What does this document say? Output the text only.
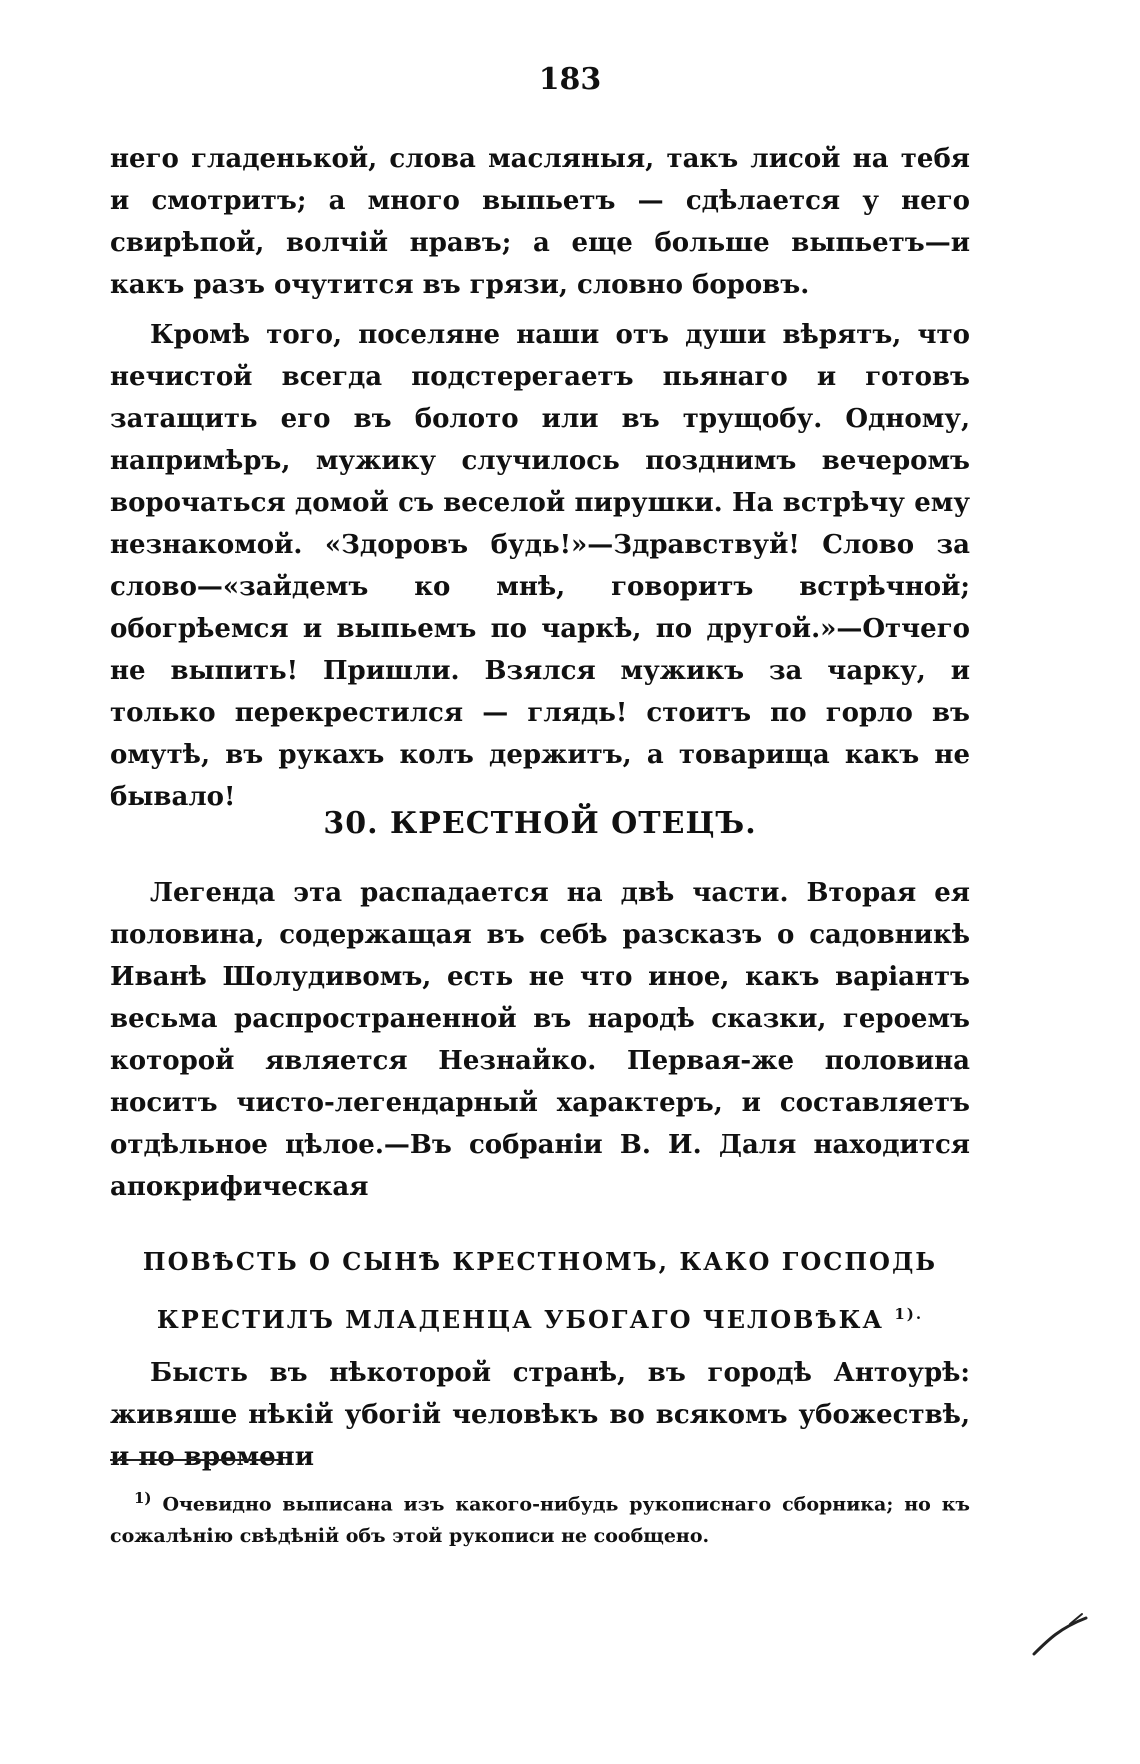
183

него гладенькой, слова масляныя, такъ лисой на тебя и смотритъ; а много выпьетъ — сдѣлается у него свирѣпой, волчій нравъ; а еще больше выпьетъ—и какъ разъ очутится въ грязи, словно боровъ.

Кромѣ того, поселяне наши отъ души вѣрятъ, что нечистой всегда подстерегаетъ пьянаго и готовъ затащить его въ болото или въ трущобу. Одному, напримѣръ, мужику случилось позднимъ вечеромъ ворочаться домой съ веселой пирушки. На встрѣчу ему незнакомой. «Здоровъ будь!»—Здравствуй! Слово за слово—«зайдемъ ко мнѣ, говоритъ встрѣчной; обогрѣемся и выпьемъ по чаркѣ, по другой.»—Отчего не выпить! Пришли. Взялся мужикъ за чарку, и только перекрестился — глядь! стоитъ по горло въ омутѣ, въ рукахъ колъ держитъ, а товарища какъ не бывало!

30. КРЕСТНОЙ ОТЕЦЪ.

Легенда эта распадается на двѣ части. Вторая ея половина, содержащая въ себѣ разсказъ о садовникѣ Иванѣ Шолудивомъ, есть не что иное, какъ варіантъ весьма распространенной въ народѣ сказки, героемъ которой является Незнайко. Первая-же половина носитъ чисто-легендарный характеръ, и составляетъ отдѣльное цѣлое.—Въ собраніи В. И. Даля находится апокрифическая

ПОВѢСТЬ О СЫНѢ КРЕСТНОМЪ, КАКО ГОСПОДЬ КРЕСТИЛЪ МЛАДЕНЦА УБОГАГО ЧЕЛОВѢКА $^{1).}$

Бысть въ нѣкоторой странѣ, въ городѣ Антоурѣ: живяше нѣкій убогій человѣкъ во всякомъ убожествѣ, и по времени

$^{1)}$ Очевидно выписана изъ какого-нибудь рукописнаго сборника; но къ сожалѣнію свѣдѣній объ этой рукописи не сообщено.
